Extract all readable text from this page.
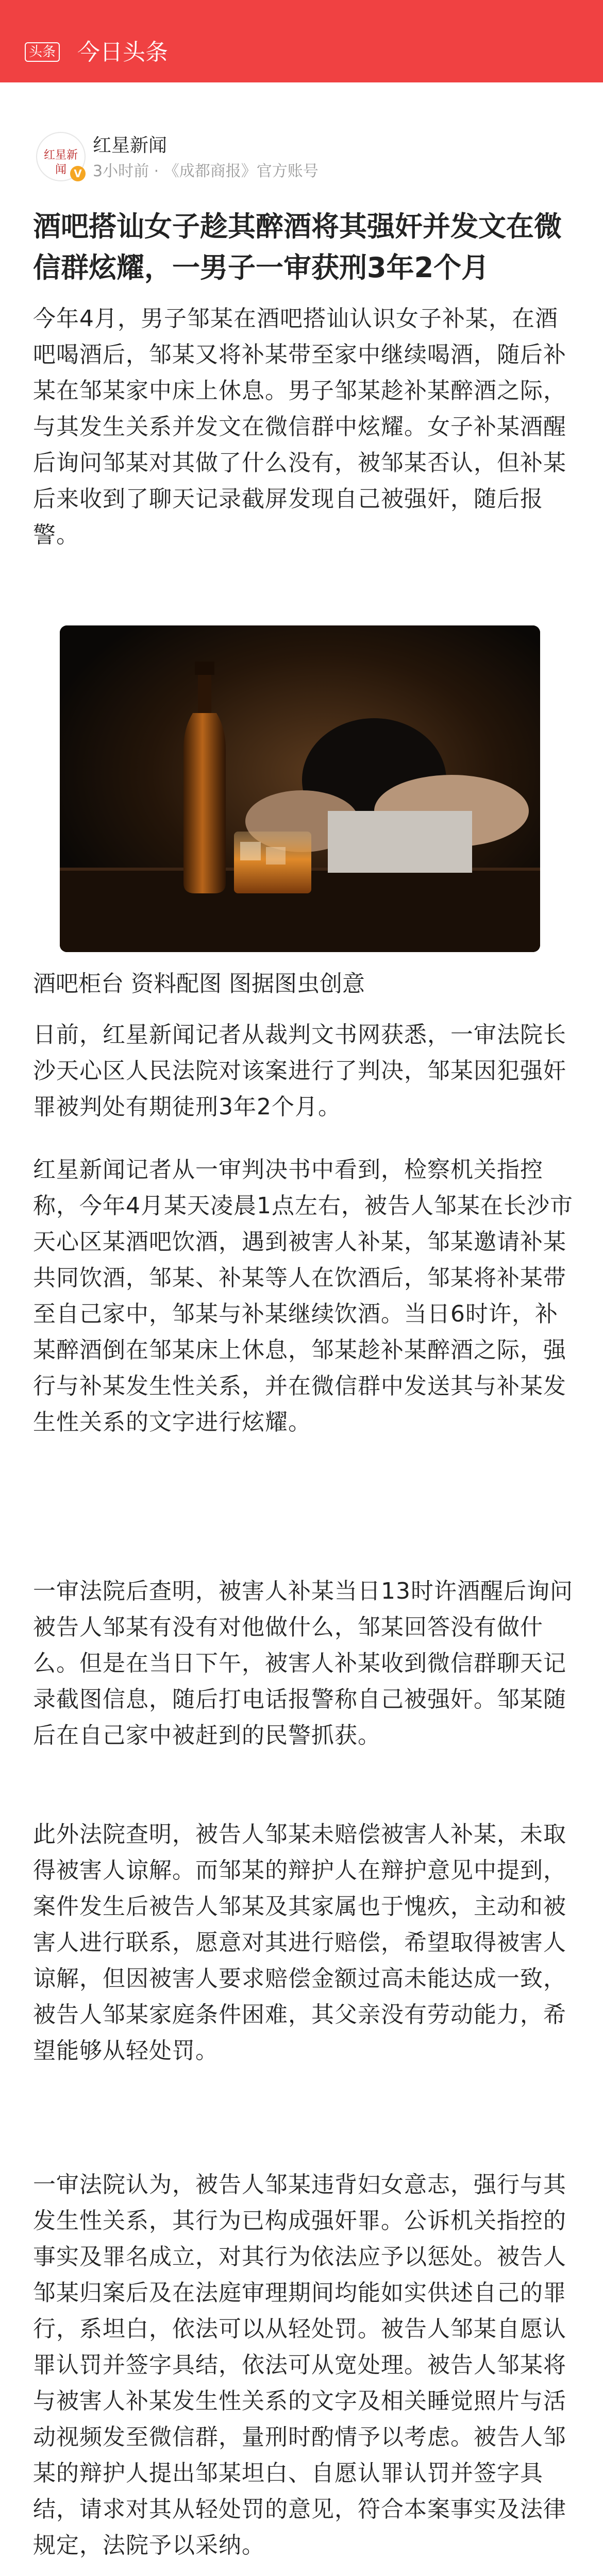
头条 今日头条
红星新闻 V
红星新闻
3小时前 · 《成都商报》官方账号
酒吧搭讪女子趁其醉酒将其强奸并发文在微信群炫耀，一男子一审获刑3年2个月

今年4月，男子邹某在酒吧搭讪认识女子补某，在酒吧喝酒后，邹某又将补某带至家中继续喝酒，随后补某在邹某家中床上休息。男子邹某趁补某醉酒之际，与其发生关系并发文在微信群中炫耀。女子补某酒醒后询问邹某对其做了什么没有，被邹某否认，但补某后来收到了聊天记录截屏发现自己被强奸，随后报警。

酒吧柜台 资料配图 图据图虫创意

日前，红星新闻记者从裁判文书网获悉，一审法院长沙天心区人民法院对该案进行了判决，邹某因犯强奸罪被判处有期徒刑3年2个月。

红星新闻记者从一审判决书中看到，检察机关指控称，今年4月某天凌晨1点左右，被告人邹某在长沙市天心区某酒吧饮酒，遇到被害人补某，邹某邀请补某共同饮酒，邹某、补某等人在饮酒后，邹某将补某带至自己家中，邹某与补某继续饮酒。当日6时许，补某醉酒倒在邹某床上休息，邹某趁补某醉酒之际，强行与补某发生性关系，并在微信群中发送其与补某发生性关系的文字进行炫耀。

一审法院后查明，被害人补某当日13时许酒醒后询问被告人邹某有没有对他做什么，邹某回答没有做什么。但是在当日下午，被害人补某收到微信群聊天记录截图信息，随后打电话报警称自己被强奸。邹某随后在自己家中被赶到的民警抓获。

此外法院查明，被告人邹某未赔偿被害人补某，未取得被害人谅解。而邹某的辩护人在辩护意见中提到，案件发生后被告人邹某及其家属也于愧疚，主动和被害人进行联系，愿意对其进行赔偿，希望取得被害人谅解，但因被害人要求赔偿金额过高未能达成一致，被告人邹某家庭条件困难，其父亲没有劳动能力，希望能够从轻处罚。

一审法院认为，被告人邹某违背妇女意志，强行与其发生性关系，其行为已构成强奸罪。公诉机关指控的事实及罪名成立，对其行为依法应予以惩处。被告人邹某归案后及在法庭审理期间均能如实供述自己的罪行，系坦白，依法可以从轻处罚。被告人邹某自愿认罪认罚并签字具结，依法可从宽处理。被告人邹某将与被害人补某发生性关系的文字及相关睡觉照片与活动视频发至微信群，量刑时酌情予以考虑。被告人邹某的辩护人提出邹某坦白、自愿认罪认罚并签字具结，请求对其从轻处罚的意见，符合本案事实及法律规定，法院予以采纳。
